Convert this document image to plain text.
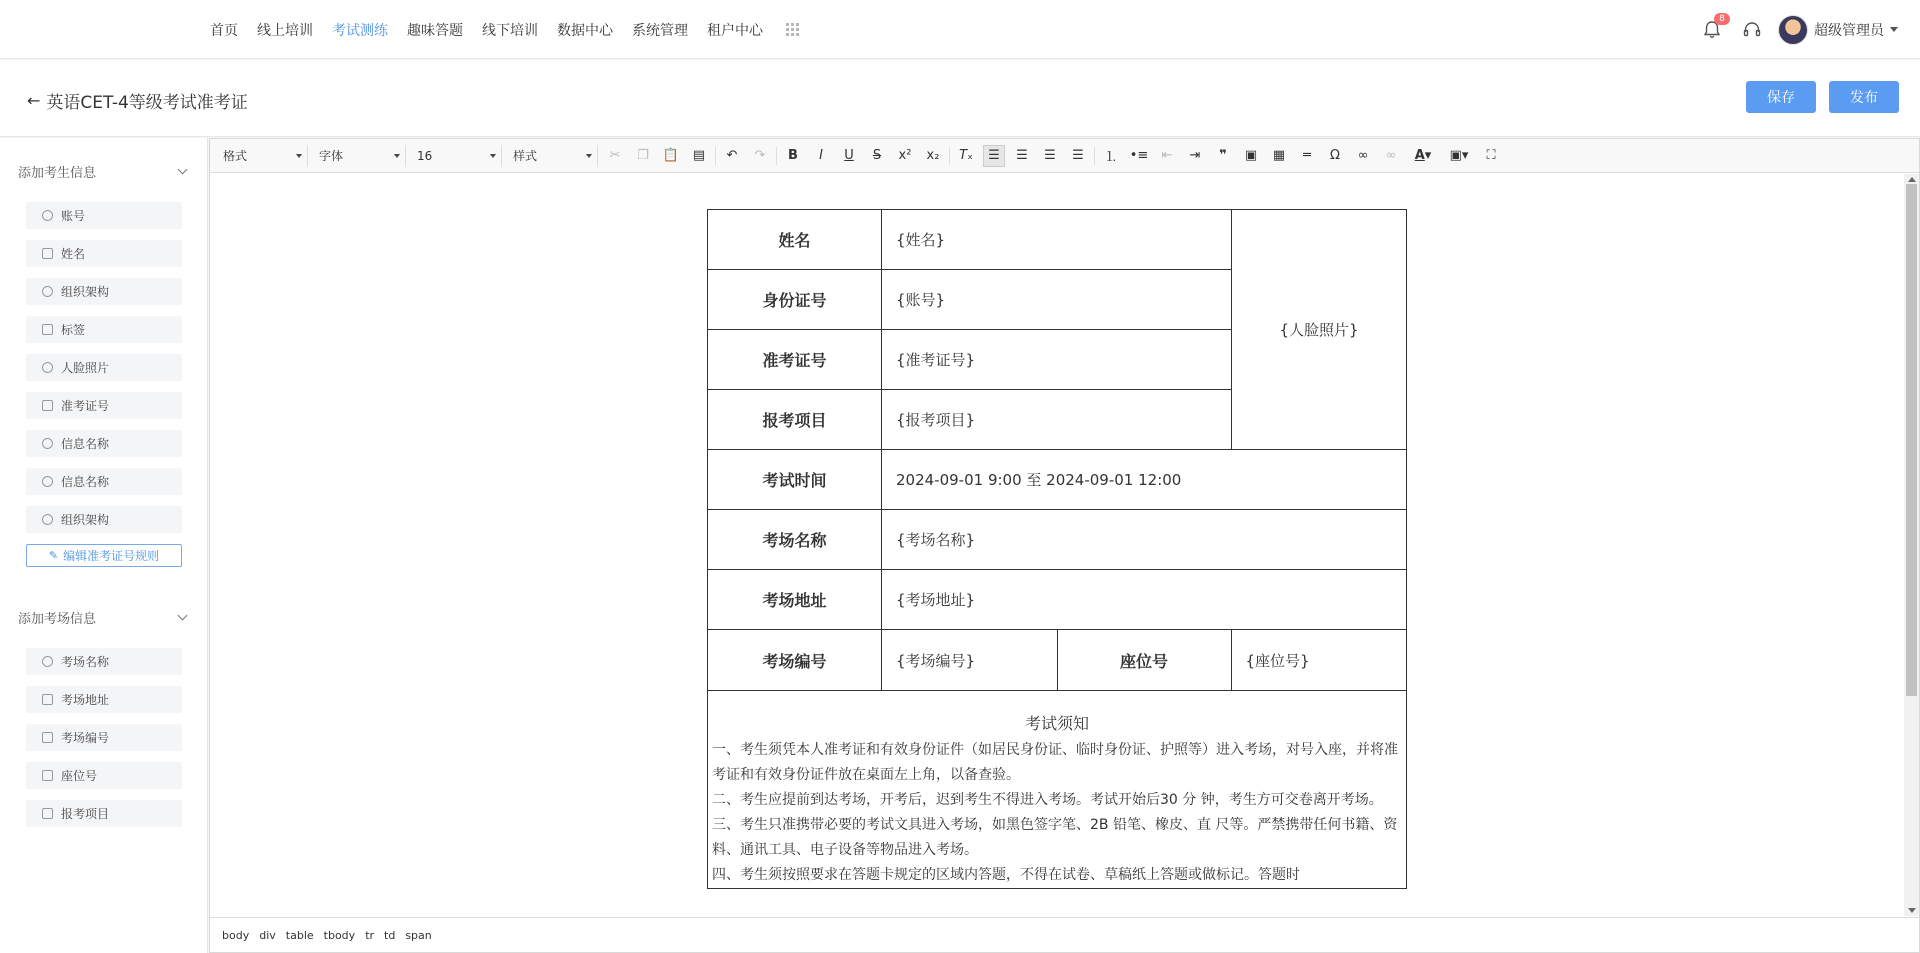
首页 线上培训 考试测练 趣味答题 线下培训 数据中心 系统管理 租户中心
8
超级管理员
← 英语CET-4等级考试准考证	保存	发布
添加考生信息
账号
姓名
组织架构
标签
人脸照片
准考证号
信息名称
信息名称
组织架构
✎ 编辑准考证号规则
添加考场信息
考场名称
考场地址
考场编号
座位号
报考项目
格式	字体	16	样式	✂	❐	📋	▤	↶	↷	B I U S	x²	x₂	T ₓ	☰	☰	☰	☰	⒈ •≡	⇤	⇥	❞	▣	▦	═	Ω	∞	∞	A ▾	▣▾	⛶
姓名	{姓名}	{人脸照片}
身份证号	{账号}
准考证号	{准考证号}
报考项目	{报考项目}
考试时间	2024-09-01 9:00 至 2024-09-01 12:00
考场名称	{考场名称}
考场地址	{考场地址}
考场编号		{考场编号}	座位号	{座位号}

考试须知
一、考生须凭本人准考证和有效身份证件（如居民身份证、临时身份证、护照等）进入考场，对号入座，并将准考证和有效身份证件放在桌面左上角，以备查验。
二、考生应提前到达考场，开考后，迟到考生不得进入考场。考试开始后30 分 钟，考生方可交卷离开考场。
三、考生只准携带必要的考试文具进入考场，如黑色签字笔、2B 铅笔、橡皮、直 尺等。严禁携带任何书籍、资料、通讯工具、电子设备等物品进入考场。
四、考生须按照要求在答题卡规定的区域内答题，不得在试卷、草稿纸上答题或做标记。答题时
body div table tbody tr td span
